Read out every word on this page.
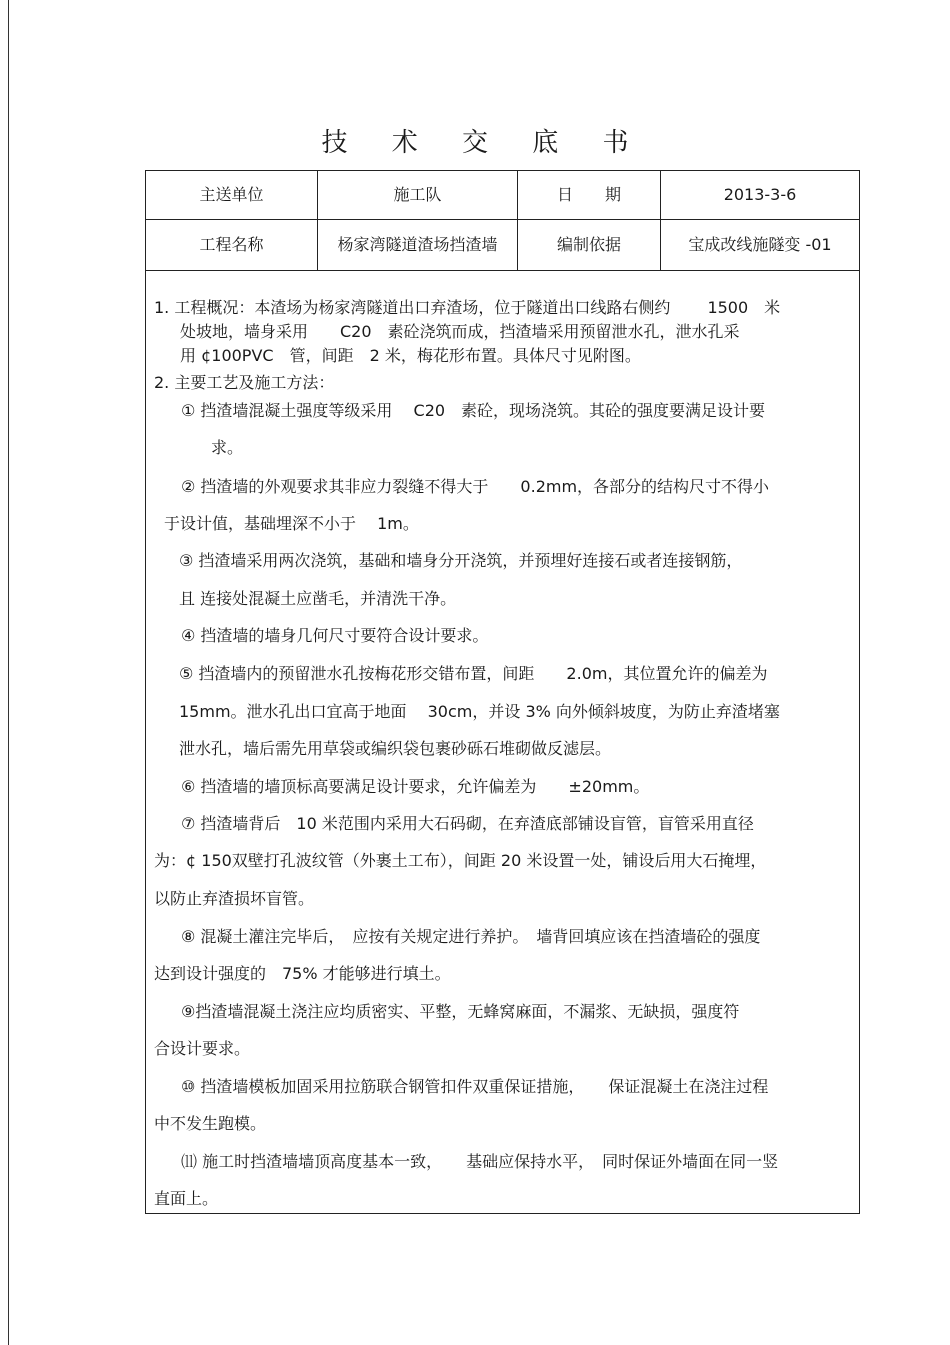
技 术 交 底 书
主送单位	施工队	日　　期	2013-3-6
工程名称	杨家湾隧道渣场挡渣墙	编制依据	宝成改线施隧变 -01
1. 工程概况：本渣场为杨家湾隧道出口弃渣场，位于隧道出口线路右侧约 　　1500　米
处坡地，墙身采用　　C20　素砼浇筑而成，挡渣墙采用预留泄水孔，泄水孔采
用 ¢100PVC　管，间距　2 米，梅花形布置。具体尺寸见附图。
2. 主要工艺及施工方法：
① 挡渣墙混凝土强度等级采用　 C20　素砼，现场浇筑。其砼的强度要满足设计要
求。
② 挡渣墙的外观要求其非应力裂缝不得大于　　0.2mm，各部分的结构尺寸不得小
于设计值，基础埋深不小于　 1m。
③ 挡渣墙采用两次浇筑，基础和墙身分开浇筑，并预埋好连接石或者连接钢筋，
且 连接处混凝土应凿毛，并清洗干净。
④ 挡渣墙的墙身几何尺寸要符合设计要求。
⑤ 挡渣墙内的预留泄水孔按梅花形交错布置，间距　　2.0m，其位置允许的偏差为
15mm。泄水孔出口宜高于地面　 30cm，并设 3% 向外倾斜坡度，为防止弃渣堵塞
泄水孔，墙后需先用草袋或编织袋包裹砂砾石堆砌做反滤层。
⑥ 挡渣墙的墙顶标高要满足设计要求，允许偏差为　　±20mm。
⑦ 挡渣墙背后　10 米范围内采用大石码砌，在弃渣底部铺设盲管，盲管采用直径
为：¢ 150双壁打孔波纹管（外裹土工布），间距 20 米设置一处，铺设后用大石掩埋，
以防止弃渣损坏盲管。
⑧ 混凝土灌注完毕后，　应按有关规定进行养护。　墙背回填应该在挡渣墙砼的强度
达到设计强度的　75% 才能够进行填土。
⑨挡渣墙混凝土浇注应均质密实、平整，无蜂窝麻面，不漏浆、无缺损，强度符
合设计要求。
⑩ 挡渣墙模板加固采用拉筋联合钢管扣件双重保证措施，　　保证混凝土在浇注过程
中不发生跑模。
⑾ 施工时挡渣墙墙顶高度基本一致，　　基础应保持水平，　同时保证外墙面在同一竖
直面上。
